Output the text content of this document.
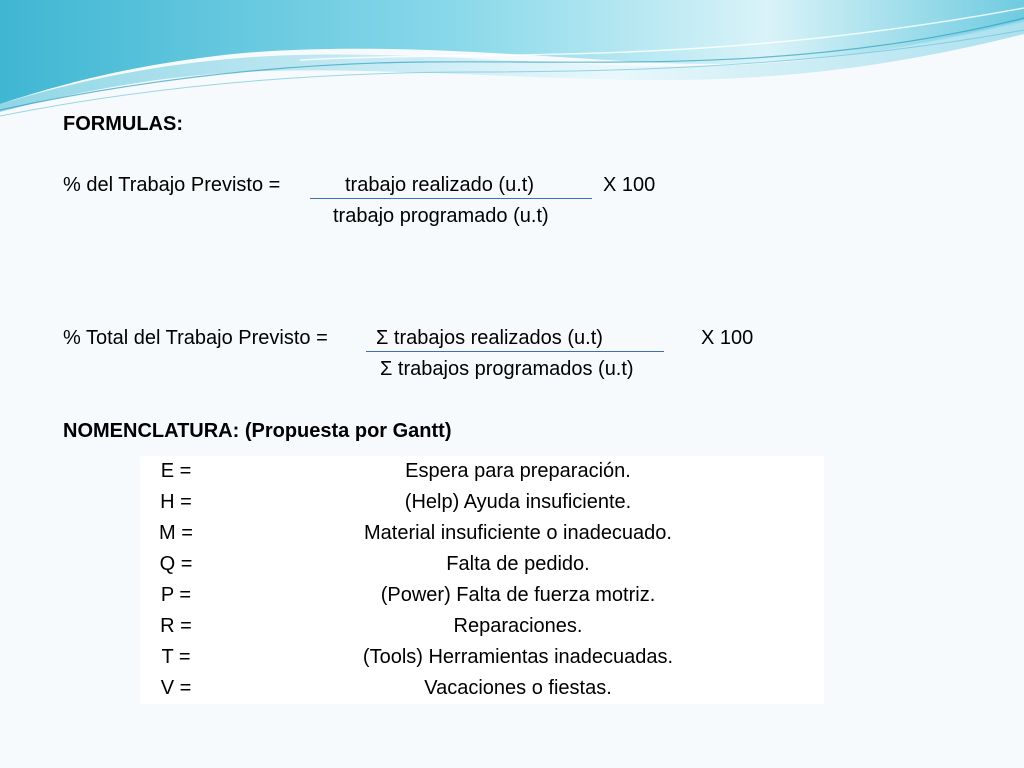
FORMULAS:
% del Trabajo Previsto =	trabajo realizado (u.t)	X 100
trabajo programado (u.t)
% Total del Trabajo Previsto = Σ trabajos realizados (u.t)	X 100
Σ trabajos programados (u.t)
NOMENCLATURA: (Propuesta por Gantt)
E =	Espera para preparación.
H =	(Help) Ayuda insuficiente.
M =	Material insuficiente o inadecuado.
Q =	Falta de pedido.
P =	(Power) Falta de fuerza motriz.
R =	Reparaciones.
T =	(Tools) Herramientas inadecuadas.
V =	Vacaciones o fiestas.
